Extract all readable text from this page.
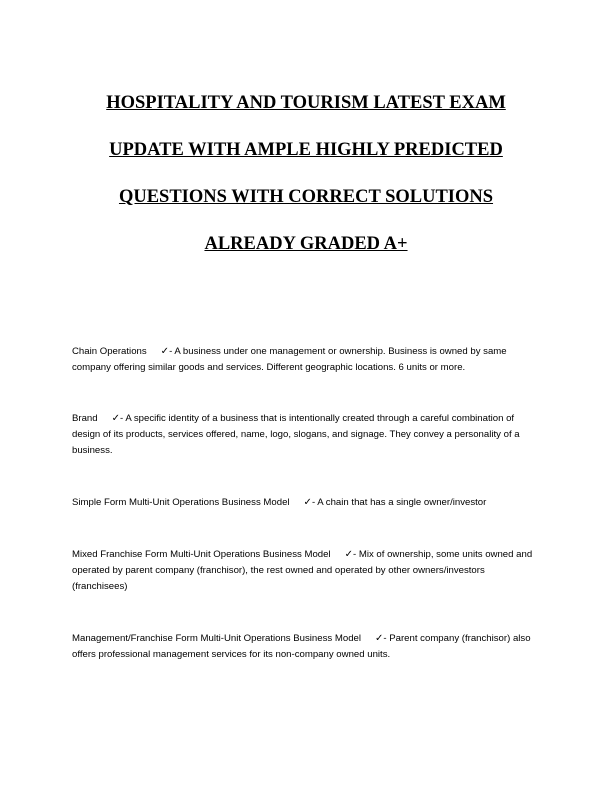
HOSPITALITY AND TOURISM LATEST EXAM

UPDATE WITH AMPLE HIGHLY PREDICTED

QUESTIONS WITH CORRECT SOLUTIONS

ALREADY GRADED A+

Chain Operations ✓- A business under one management or ownership. Business is owned by same company offering similar goods and services. Different geographic locations. 6 units or more.

Brand ✓- A specific identity of a business that is intentionally created through a careful combination of design of its products, services offered, name, logo, slogans, and signage. They convey a personality of a business.

Simple Form Multi-Unit Operations Business Model ✓- A chain that has a single owner/investor

Mixed Franchise Form Multi-Unit Operations Business Model ✓- Mix of ownership, some units owned and operated by parent company (franchisor), the rest owned and operated by other owners/investors (franchisees)

Management/Franchise Form Multi-Unit Operations Business Model ✓- Parent company (franchisor) also offers professional management services for its non-company owned units.
